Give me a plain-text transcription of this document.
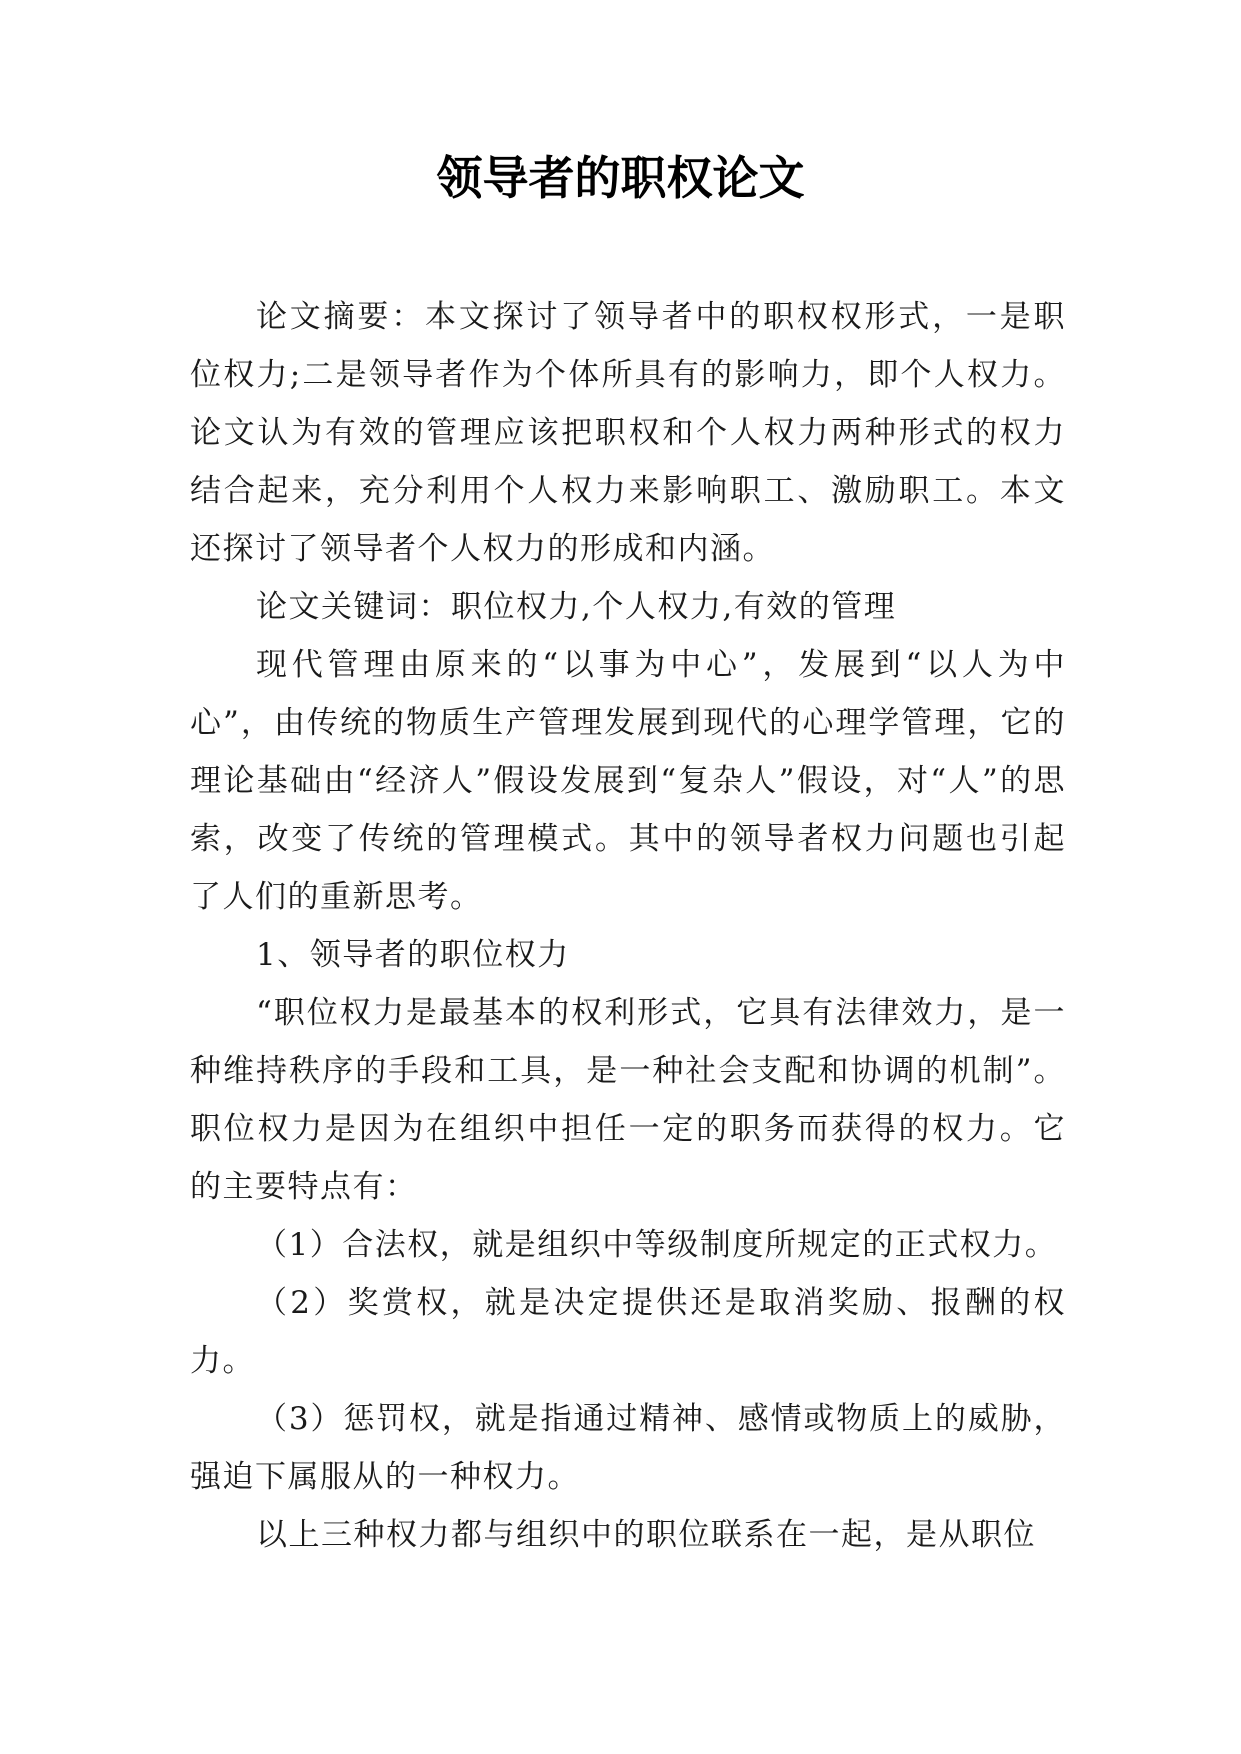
领导者的职权论文

论文摘要：本文探讨了领导者中的职权权形式，一是职位权力;二是领导者作为个体所具有的影响力，即个人权力。论文认为有效的管理应该把职权和个人权力两种形式的权力结合起来，充分利用个人权力来影响职工、激励职工。本文还探讨了领导者个人权力的形成和内涵。

论文关键词：职位权力,个人权力,有效的管理

现代管理由原来的“以事为中心”，发展到“以人为中心”，由传统的物质生产管理发展到现代的心理学管理，它的理论基础由“经济人”假设发展到“复杂人”假设，对“人”的思索，改变了传统的管理模式。其中的领导者权力问题也引起了人们的重新思考。

1、领导者的职位权力

“职位权力是最基本的权利形式，它具有法律效力，是一种维持秩序的手段和工具，是一种社会支配和协调的机制”。职位权力是因为在组织中担任一定的职务而获得的权力。它的主要特点有：

（1）合法权，就是组织中等级制度所规定的正式权力。

（2）奖赏权，就是决定提供还是取消奖励、报酬的权力。

（3）惩罚权，就是指通过精神、感情或物质上的威胁，强迫下属服从的一种权力。

以上三种权力都与组织中的职位联系在一起，是从职位
